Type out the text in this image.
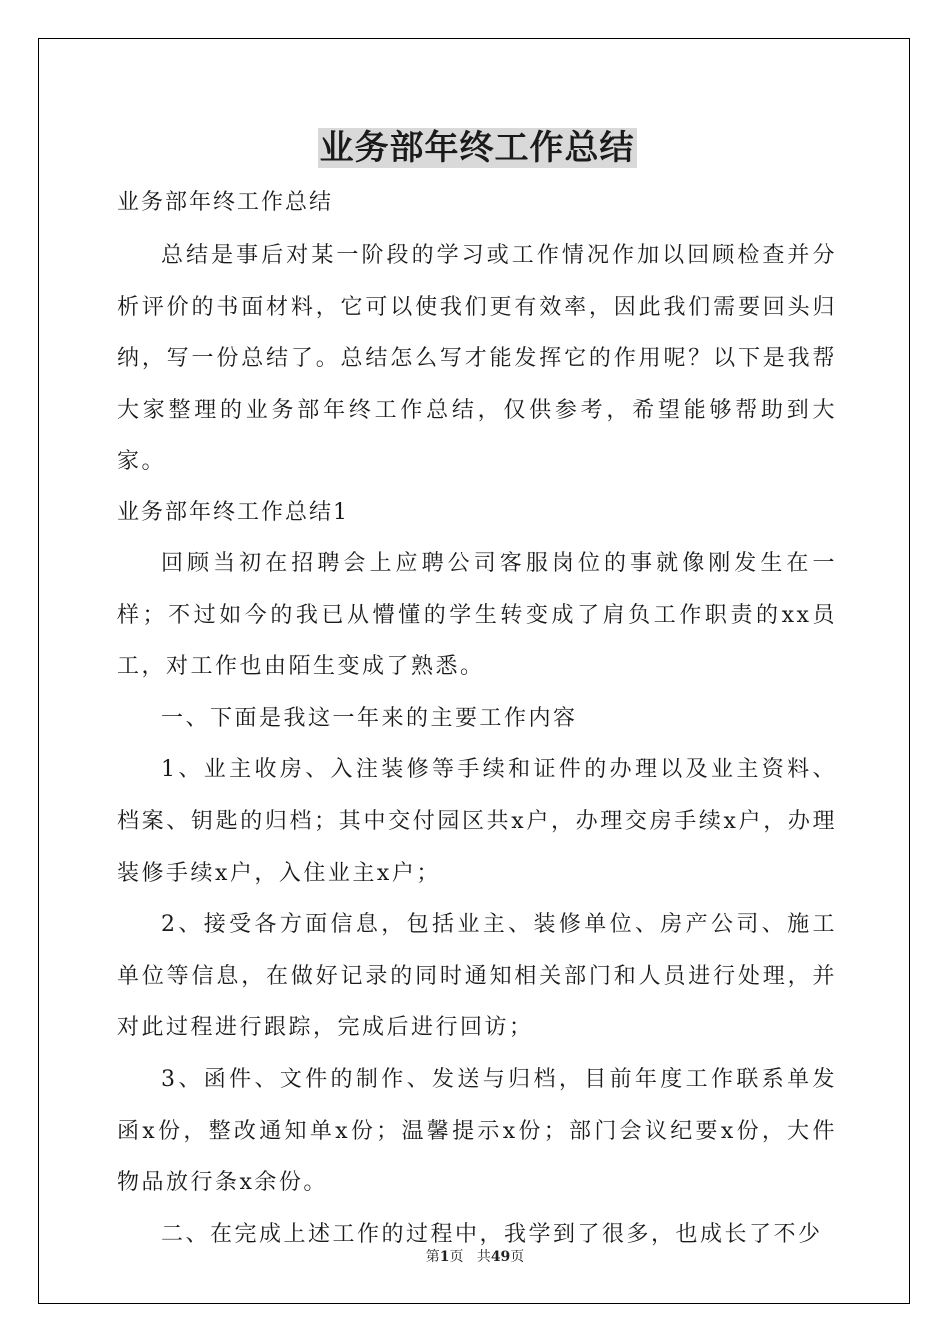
业务部年终工作总结

业务部年终工作总结

总结是事后对某一阶段的学习或工作情况作加以回顾检查并分析评价的书面材料，它可以使我们更有效率，因此我们需要回头归纳，写一份总结了。总结怎么写才能发挥它的作用呢？以下是我帮大家整理的业务部年终工作总结，仅供参考，希望能够帮助到大家。

业务部年终工作总结1

回顾当初在招聘会上应聘公司客服岗位的事就像刚发生在一样；不过如今的我已从懵懂的学生转变成了肩负工作职责的xx员工，对工作也由陌生变成了熟悉。

一、下面是我这一年来的主要工作内容

1、业主收房、入注装修等手续和证件的办理以及业主资料、档案、钥匙的归档；其中交付园区共x户，办理交房手续x户，办理装修手续x户，入住业主x户；

2、接受各方面信息，包括业主、装修单位、房产公司、施工单位等信息，在做好记录的同时通知相关部门和人员进行处理，并对此过程进行跟踪，完成后进行回访；

3、函件、文件的制作、发送与归档，目前年度工作联系单发函x份，整改通知单x份；温馨提示x份；部门会议纪要x份，大件物品放行条x余份。

二、在完成上述工作的过程中，我学到了很多，也成长了不少

第1页 共49页
